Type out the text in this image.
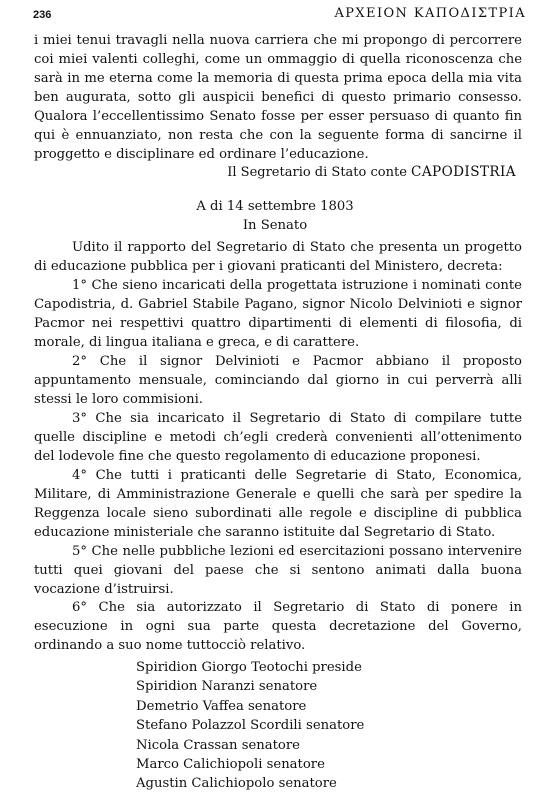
236	ΑΡΧΕΙΟΝ ΚΑΠΟΔΙΣΤΡΙΑ

i miei tenui travagli nella nuova carriera che mi propongo di percorrere coi miei valenti colleghi, come un ommaggio di quella riconoscenza che sarà in me eterna come la memoria di questa prima epoca della mia vita ben augurata, sotto gli auspicii benefici di questo primario consesso. Qualora l’eccellentissimo Senato fosse per esser persuaso di quanto fin qui è ennuanziato, non resta che con la seguente forma di sancirne il proggetto e disciplinare ed ordinare l’educazione.

Il Segretario di Stato conte CAPODISTRIA
A di 14 settembre 1803
In Senato

Udito il rapporto del Segretario di Stato che presenta un progetto di educazione pubblica per i giovani praticanti del Ministero, decreta:

1° Che sieno incaricati della progettata istruzione i nominati conte Capodistria, d. Gabriel Stabile Pagano, signor Nicolo Delvinioti e signor Pacmor nei respettivi quattro dipartimenti di elementi di filosofia, di morale, di lingua italiana e greca, e di carattere.

2° Che il signor Delvinioti e Pacmor abbiano il proposto appuntamento mensuale, cominciando dal giorno in cui perverrà alli stessi le loro commisioni.

3° Che sia incaricato il Segretario di Stato di compilare tutte quelle discipline e metodi ch’egli crederà convenienti all’ottenimento del lodevole fine che questo regolamento di educazione proponesi.

4° Che tutti i praticanti delle Segretarie di Stato, Economica, Militare, di Amministrazione Generale e quelli che sarà per spedire la Reggenza locale sieno subordinati alle regole e discipline di pubblica educazione ministeriale che saranno istituite dal Segretario di Stato.

5° Che nelle pubbliche lezioni ed esercitazioni possano intervenire tutti quei giovani del paese che si sentono animati dalla buona vocazione d’istruirsi.

6° Che sia autorizzato il Segretario di Stato di ponere in esecuzione in ogni sua parte questa decretazione del Governo, ordinando a suo nome tuttocciò relativo.

Spiridion Giorgo Teotochi preside

Spiridion Naranzi senatore

Demetrio Vaffea senatore

Stefano Polazzol Scordili senatore

Nicola Crassan senatore

Marco Calichiopoli senatore

Agustin Calichiopolo senatore
